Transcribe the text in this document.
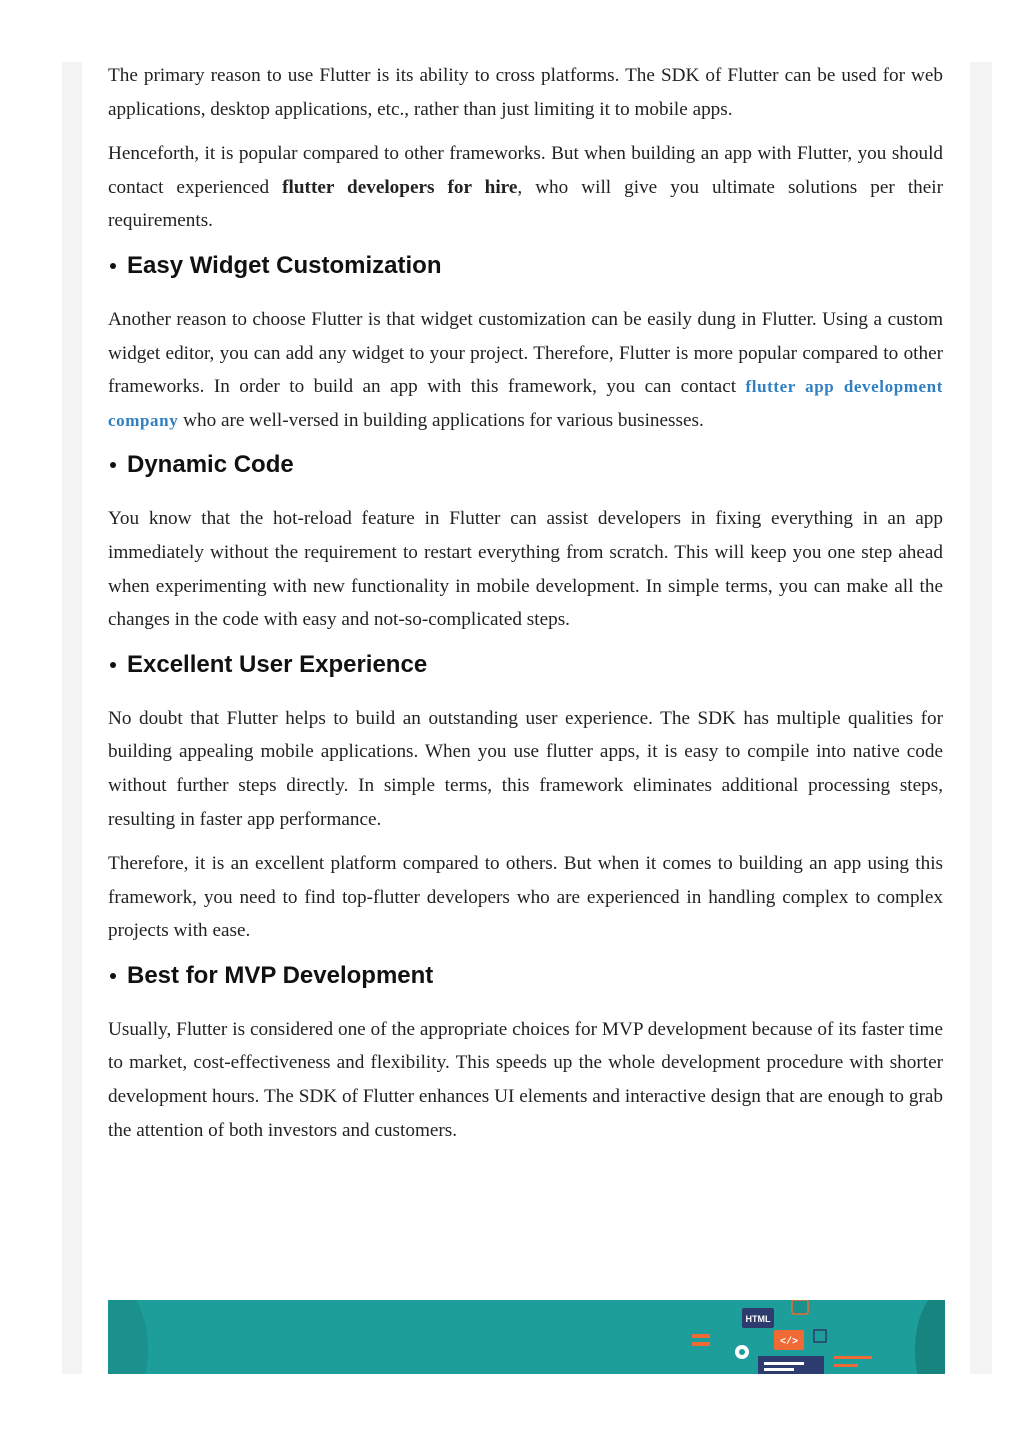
The primary reason to use Flutter is its ability to cross platforms. The SDK of Flutter can be used for web applications, desktop applications, etc., rather than just limiting it to mobile apps.

Henceforth, it is popular compared to other frameworks. But when building an app with Flutter, you should contact experienced flutter developers for hire, who will give you ultimate solutions per their requirements.

Easy Widget Customization

Another reason to choose Flutter is that widget customization can be easily dung in Flutter. Using a custom widget editor, you can add any widget to your project. Therefore, Flutter is more popular compared to other frameworks. In order to build an app with this framework, you can contact flutter app development company who are well-versed in building applications for various businesses.

Dynamic Code

You know that the hot-reload feature in Flutter can assist developers in fixing everything in an app immediately without the requirement to restart everything from scratch. This will keep you one step ahead when experimenting with new functionality in mobile development. In simple terms, you can make all the changes in the code with easy and not-so-complicated steps.

Excellent User Experience

No doubt that Flutter helps to build an outstanding user experience. The SDK has multiple qualities for building appealing mobile applications. When you use flutter apps, it is easy to compile into native code without further steps directly. In simple terms, this framework eliminates additional processing steps, resulting in faster app performance.

Therefore, it is an excellent platform compared to others. But when it comes to building an app using this framework, you need to find top-flutter developers who are experienced in handling complex to complex projects with ease.

Best for MVP Development

Usually, Flutter is considered one of the appropriate choices for MVP development because of its faster time to market, cost-effectiveness and flexibility. This speeds up the whole development procedure with shorter development hours. The SDK of Flutter enhances UI elements and interactive design that are enough to grab the attention of both investors and customers.

HTML
</>
